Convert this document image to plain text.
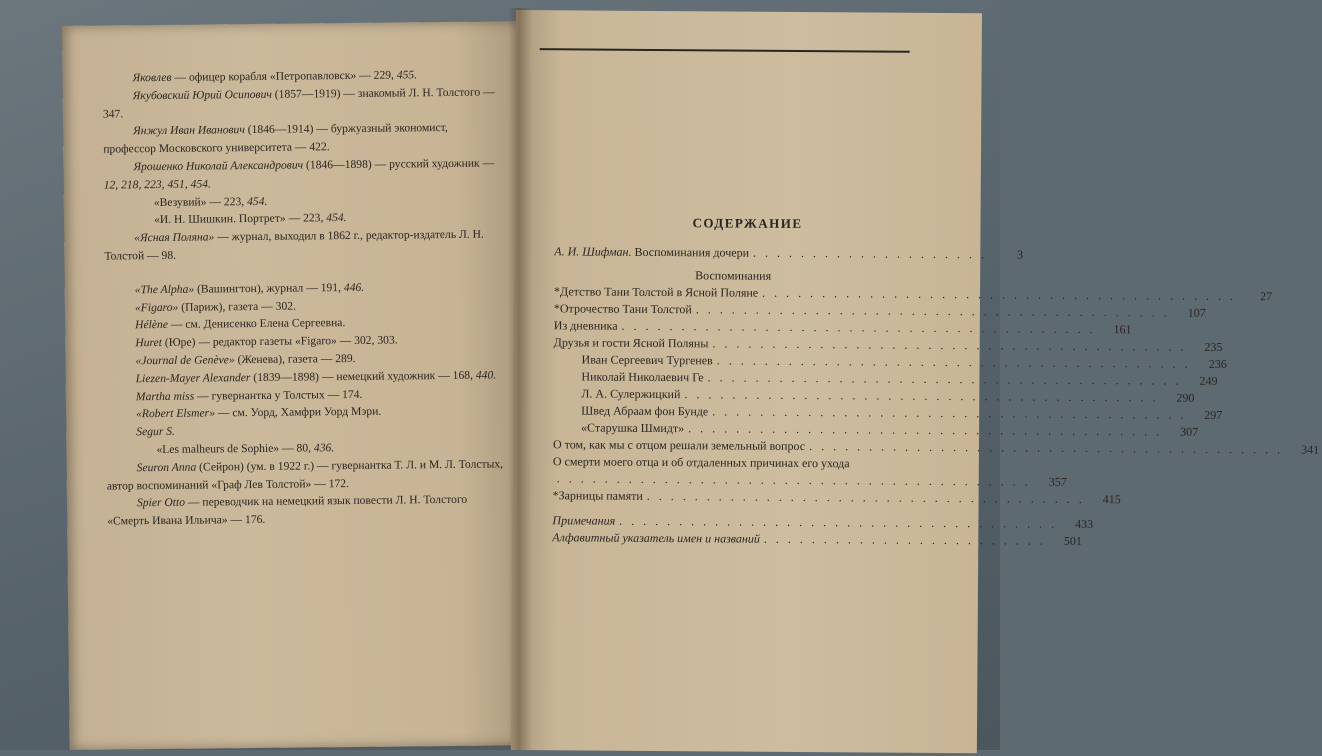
Яковлев — офицер корабля «Петропавловск» — 229, 455.

Якубовский Юрий Осипович (1857—1919) — знакомый Л. Н. Толстого — 347.

Янжул Иван Иванович (1846—1914) — буржуазный экономист, профессор Московского университета — 422.

Ярошенко Николай Александрович (1846—1898) — русский художник — 12, 218, 223, 451, 454.

«Везувий» — 223, 454.

«И. Н. Шишкин. Портрет» — 223, 454.

«Ясная Поляна» — журнал, выходил в 1862 г., редактор-издатель Л. Н. Толстой — 98.

«The Alpha» (Вашингтон), журнал — 191, 446.

«Figaro» (Париж), газета — 302.

Hélène — см. Денисенко Елена Сергеевна.

Huret (Юре) — редактор газеты «Figaro» — 302, 303.

«Journal de Genève» (Женева), газета — 289.

Liezen-Mayer Alexander (1839—1898) — немецкий художник — 168, 440.

Martha miss — гувернантка у Толстых — 174.

«Robert Elsmer» — см. Уорд, Хамфри Уорд Мэри.

Segur S.

«Les malheurs de Sophie» — 80, 436.

Seuron Anna (Сейрон) (ум. в 1922 г.) — гувернантка Т. Л. и М. Л. Толстых, автор воспоминаний «Граф Лев Толстой» — 172.

Spier Otto — переводчик на немецкий язык повести Л. Н. Толстого «Смерть Ивана Ильича» — 176.

СОДЕРЖАНИЕ
А. И. Шифман. Воспоминания дочери . . . . . . . . . . . . . . . . . . . .	3
Воспоминания
*Детство Тани Толстой в Ясной Поляне . . . . . . . . . . . . . . . . . . . . . . . . . . . . . . . . . . . . . . . .	27
*Отрочество Тани Толстой . . . . . . . . . . . . . . . . . . . . . . . . . . . . . . . . . . . . . . . .	107
Из дневника . . . . . . . . . . . . . . . . . . . . . . . . . . . . . . . . . . . . . . . .	161
Друзья и гости Ясной Поляны . . . . . . . . . . . . . . . . . . . . . . . . . . . . . . . . . . . . . . . .	235
Иван Сергеевич Тургенев . . . . . . . . . . . . . . . . . . . . . . . . . . . . . . . . . . . . . . . .	236
Николай Николаевич Ге . . . . . . . . . . . . . . . . . . . . . . . . . . . . . . . . . . . . . . . .	249
Л. А. Сулержицкий . . . . . . . . . . . . . . . . . . . . . . . . . . . . . . . . . . . . . . . .	290
Швед Абраам фон Бунде . . . . . . . . . . . . . . . . . . . . . . . . . . . . . . . . . . . . . . . .	297
«Старушка Шмидт» . . . . . . . . . . . . . . . . . . . . . . . . . . . . . . . . . . . . . . . .	307
О том, как мы с отцом решали земельный вопрос . . . . . . . . . . . . . . . . . . . . . . . . . . . . . . . . . . . . . . . .	341
О смерти моего отца и об отдаленных причинах его ухода
. . . . . . . . . . . . . . . . . . . . . . . . . . . . . . . . . . . . . . . .	357
*Зарницы памяти . . . . . . . . . . . . . . . . . . . . . . . . . . . . . . . . . . . . .	415
Примечания . . . . . . . . . . . . . . . . . . . . . . . . . . . . . . . . . . . . .	433
Алфавитный указатель имен и названий . . . . . . . . . . . . . . . . . . . . . . . .	501
